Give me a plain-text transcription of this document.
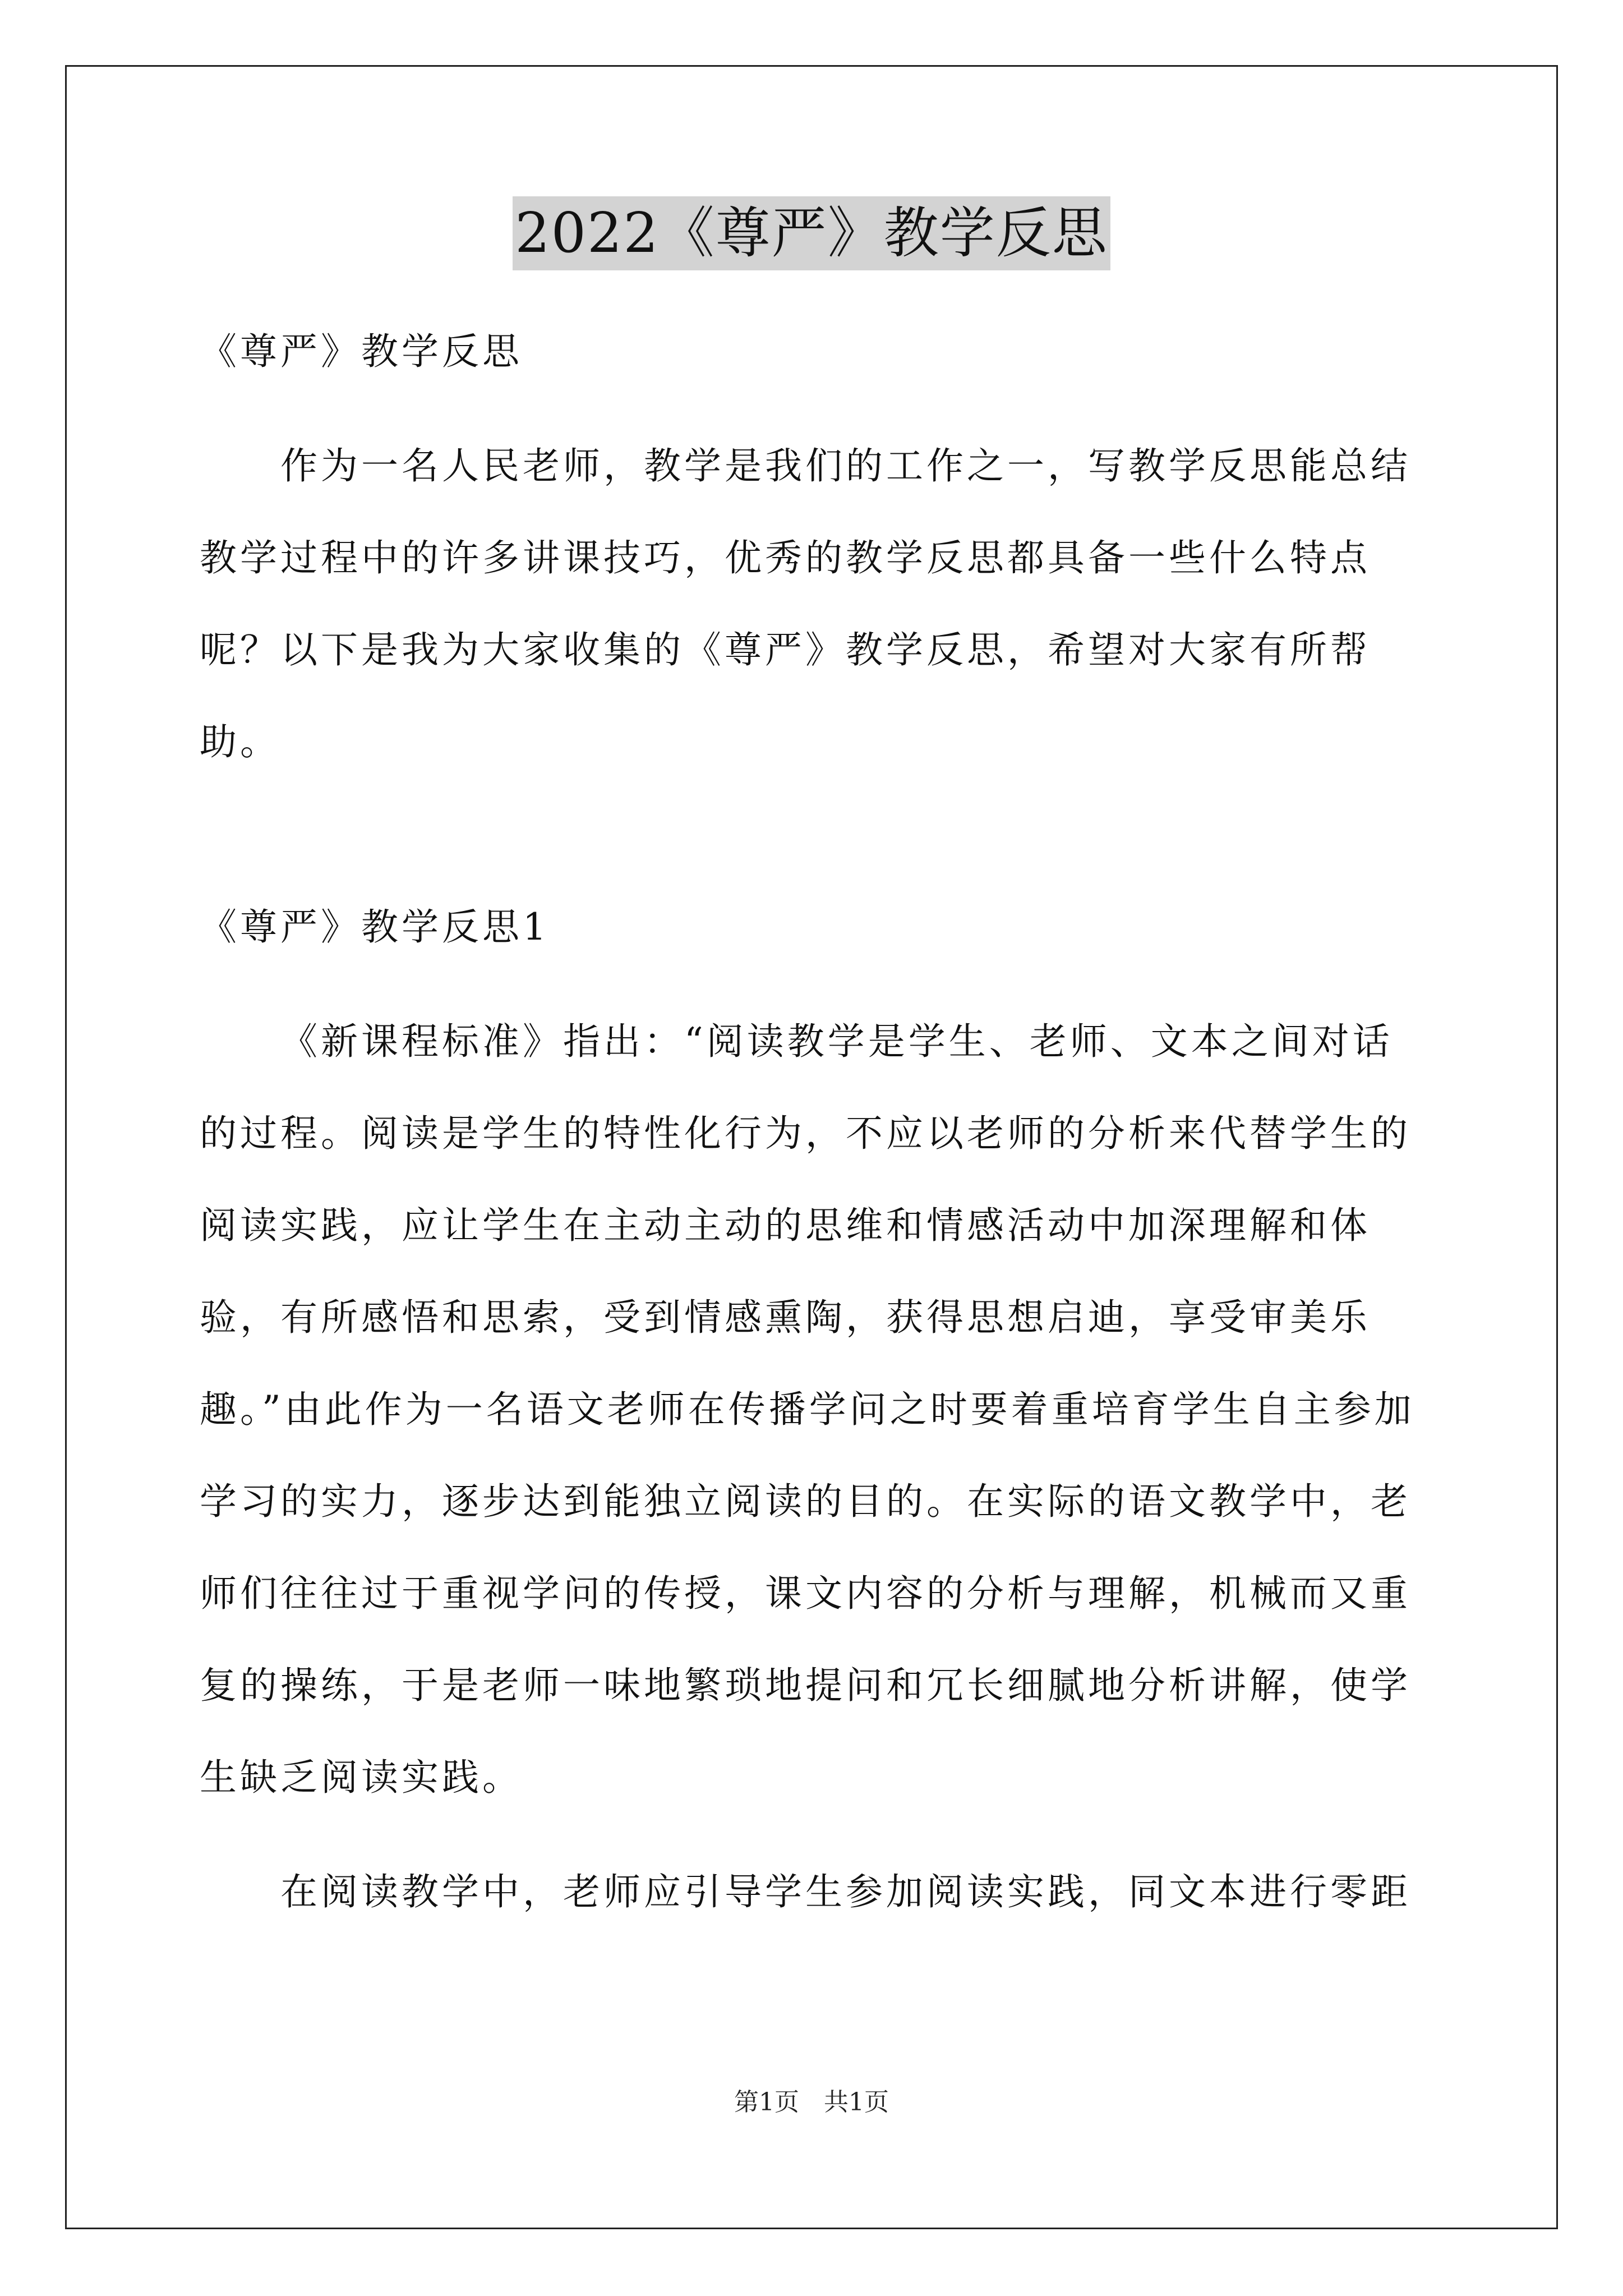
2022《尊严》教学反思

《尊严》教学反思

作为一名人民老师，教学是我们的工作之一，写教学反思能总结教学过程中的许多讲课技巧，优秀的教学反思都具备一些什么特点呢？以下是我为大家收集的《尊严》教学反思，希望对大家有所帮助。

《尊严》教学反思1

《新课程标准》指出：“阅读教学是学生、老师、文本之间对话的过程。阅读是学生的特性化行为，不应以老师的分析来代替学生的阅读实践，应让学生在主动主动的思维和情感活动中加深理解和体验，有所感悟和思索，受到情感熏陶，获得思想启迪，享受审美乐趣。”由此作为一名语文老师在传播学问之时要着重培育学生自主参加学习的实力，逐步达到能独立阅读的目的。在实际的语文教学中，老师们往往过于重视学问的传授，课文内容的分析与理解，机械而又重复的操练，于是老师一味地繁琐地提问和冗长细腻地分析讲解，使学生缺乏阅读实践。

在阅读教学中，老师应引导学生参加阅读实践，同文本进行零距

第1页　共1页
